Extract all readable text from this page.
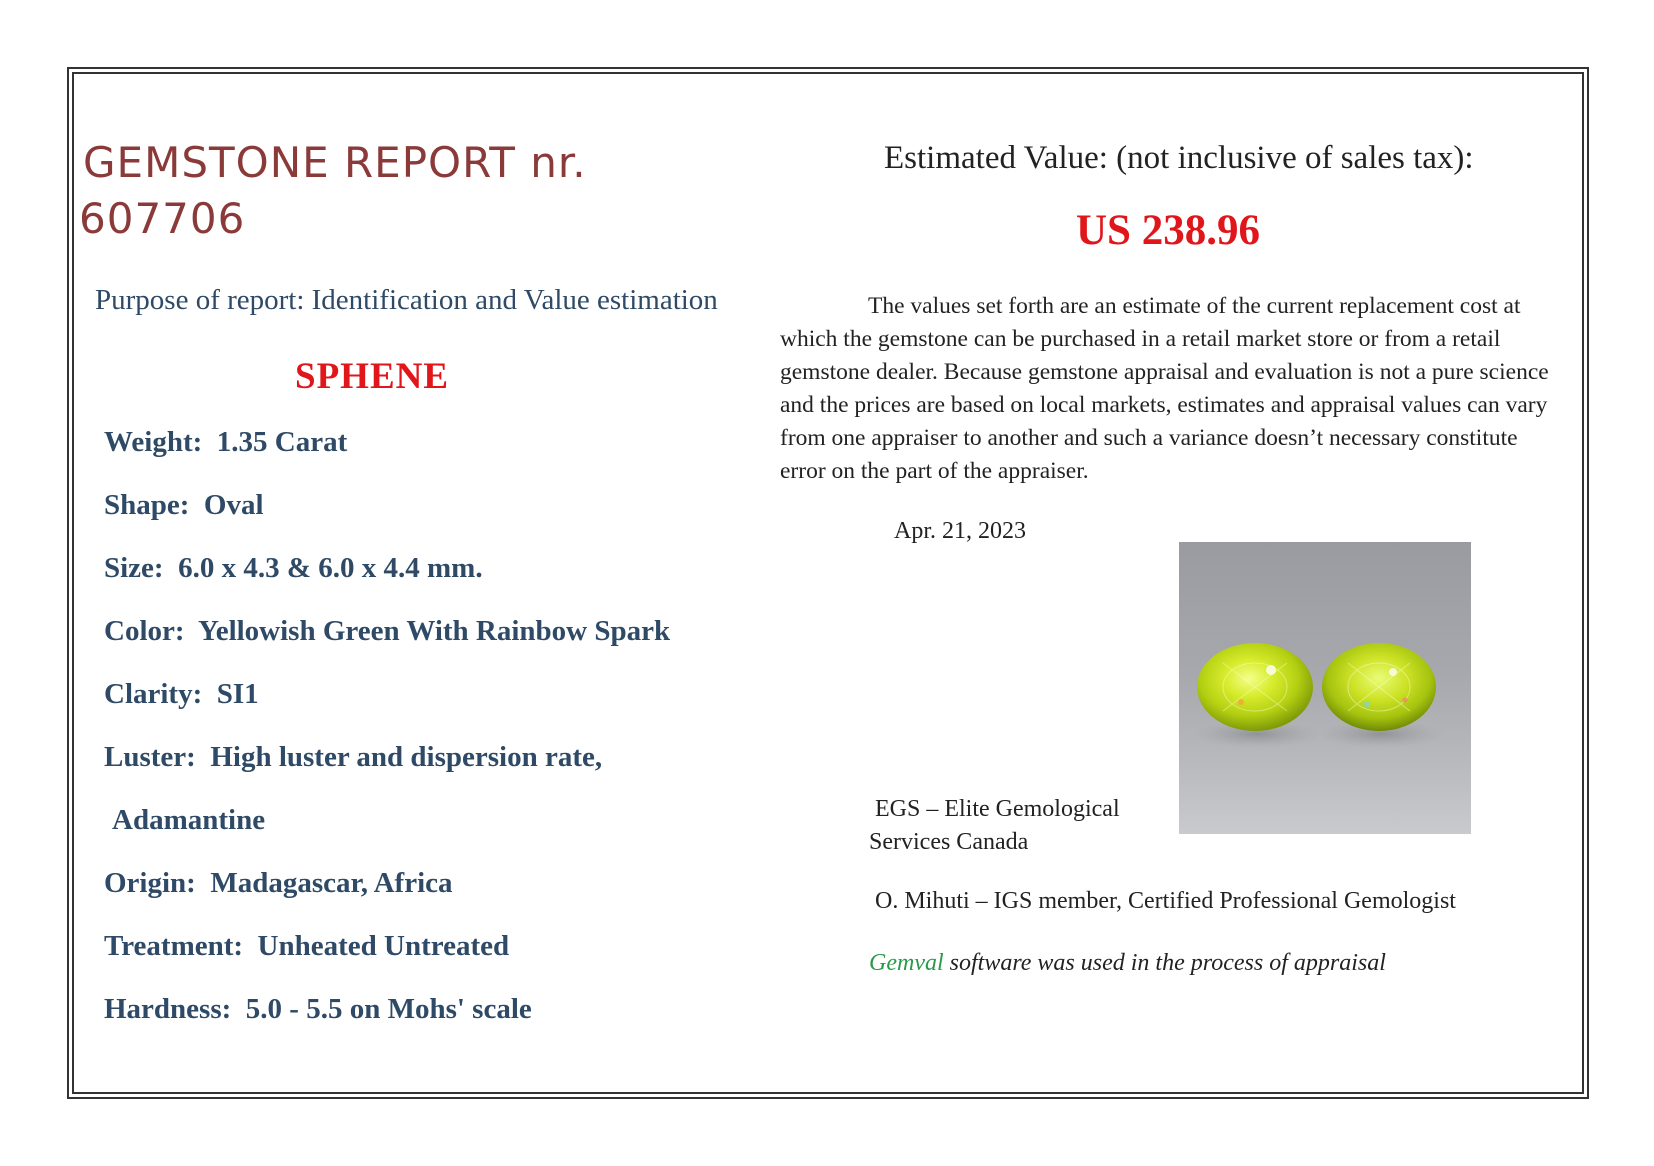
GEMSTONE REPORT nr.
607706
Purpose of report: Identification and Value estimation
SPHENE
Weight: 1.35 Carat
Shape: Oval
Size: 6.0 x 4.3 & 6.0 x 4.4 mm.
Color: Yellowish Green With Rainbow Spark
Clarity: SI1
Luster: High luster and dispersion rate,
Adamantine
Origin: Madagascar, Africa
Treatment: Unheated Untreated
Hardness: 5.0 - 5.5 on Mohs' scale
Estimated Value: (not inclusive of sales tax):
US 238.96
The values set forth are an estimate of the current replacement cost at which the gemstone can be purchased in a retail market store or from a retail gemstone dealer. Because gemstone appraisal and evaluation is not a pure science and the prices are based on local markets, estimates and appraisal values can vary from one appraiser to another and such a variance doesn’t necessary constitute error on the part of the appraiser.
Apr. 21, 2023
EGS – Elite Gemological
Services Canada
O. Mihuti – IGS member, Certified Professional Gemologist
Gemval software was used in the process of appraisal
